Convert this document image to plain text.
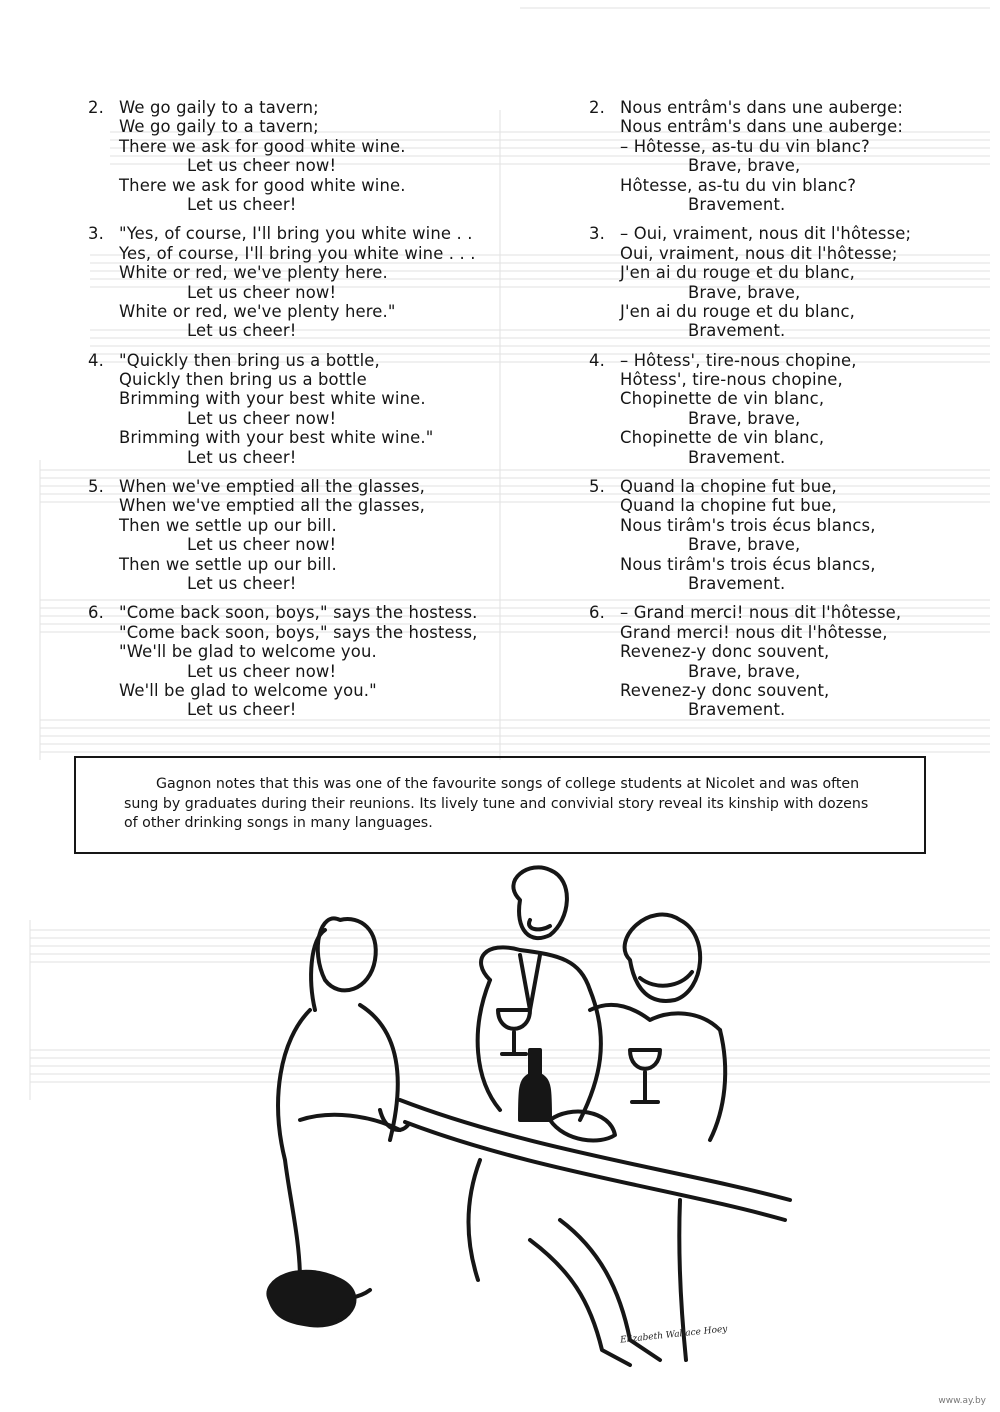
2. We go gaily to a tavern;
We go gaily to a tavern;
There we ask for good white wine.
Let us cheer now!
There we ask for good white wine.
Let us cheer!
3. "Yes, of course, I'll bring you white wine . .
Yes, of course, I'll bring you white wine . . .
White or red, we've plenty here.
Let us cheer now!
White or red, we've plenty here."
Let us cheer!
4. "Quickly then bring us a bottle,
Quickly then bring us a bottle
Brimming with your best white wine.
Let us cheer now!
Brimming with your best white wine."
Let us cheer!
5. When we've emptied all the glasses,
When we've emptied all the glasses,
Then we settle up our bill.
Let us cheer now!
Then we settle up our bill.
Let us cheer!
6. "Come back soon, boys," says the hostess.
"Come back soon, boys," says the hostess,
"We'll be glad to welcome you.
Let us cheer now!
We'll be glad to welcome you."
Let us cheer!
2. Nous entrâm's dans une auberge:
Nous entrâm's dans une auberge:
– Hôtesse, as-tu du vin blanc?
Brave, brave,
Hôtesse, as-tu du vin blanc?
Bravement.
3. – Oui, vraiment, nous dit l'hôtesse;
Oui, vraiment, nous dit l'hôtesse;
J'en ai du rouge et du blanc,
Brave, brave,
J'en ai du rouge et du blanc,
Bravement.
4. – Hôtess', tire-nous chopine,
Hôtess', tire-nous chopine,
Chopinette de vin blanc,
Brave, brave,
Chopinette de vin blanc,
Bravement.
5. Quand la chopine fut bue,
Quand la chopine fut bue,
Nous tirâm's trois écus blancs,
Brave, brave,
Nous tirâm's trois écus blancs,
Bravement.
6. – Grand merci! nous dit l'hôtesse,
Grand merci! nous dit l'hôtesse,
Revenez-y donc souvent,
Brave, brave,
Revenez-y donc souvent,
Bravement.

Gagnon notes that this was one of the favourite songs of college students at Nicolet and was often sung by graduates during their reunions. Its lively tune and convivial story reveal its kinship with dozens of other drinking songs in many languages.

Elizabeth Wallace Hoey
www.ay.by
